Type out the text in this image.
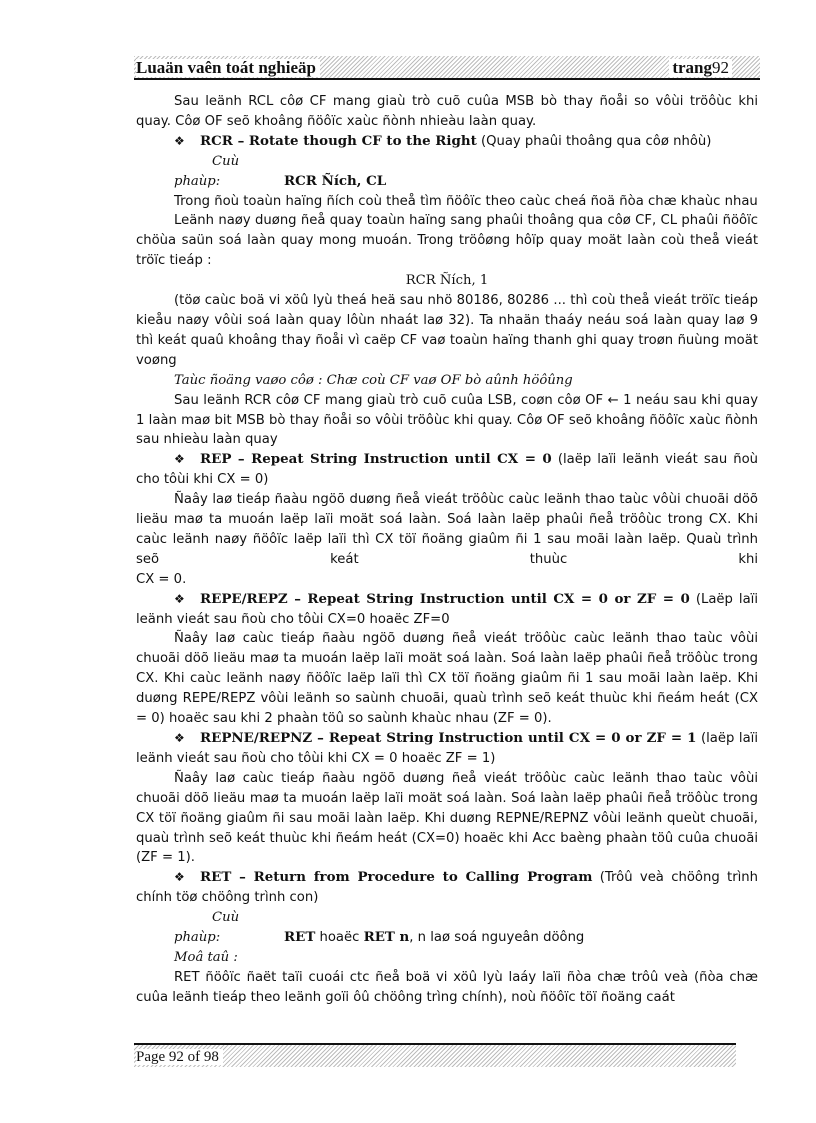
Luaän vaên toát nghieäp	trang92

Sau leänh RCL côø CF mang giaù trò cuõ cuûa MSB bò thay ñoåi so vôùi tröôùc khi quay. Côø OF seõ khoâng ñöôïc xaùc ñònh nhieàu laàn quay.

❖ RCR – Rotate though CF to the Right (Quay phaûi thoâng qua côø nhôù)

Cuù phaùp:	RCR Ñích, CL

Trong ñoù toaùn haïng ñích coù theå tìm ñöôïc theo caùc cheá ñoä ñòa chæ khaùc nhau

Leänh naøy duøng ñeå quay toaùn haïng sang phaûi thoâng qua côø CF, CL phaûi ñöôïc chöùa saün soá laàn quay mong muoán. Trong tröôøng hôïp quay moät laàn coù theå vieát tröïc tieáp :

RCR Ñích, 1

(töø caùc boä vi xöû lyù theá heä sau nhö 80186, 80286 ... thì coù theå vieát tröïc tieáp kieåu naøy vôùi soá laàn quay lôùn nhaát laø 32). Ta nhaän thaáy neáu soá laàn quay laø 9 thì keát quaû khoâng thay ñoåi vì caëp CF vaø toaùn haïng thanh ghi quay troøn ñuùng moät voøng

Taùc ñoäng vaøo côø : Chæ coù CF vaø OF bò aûnh höôûng

Sau leänh RCR côø CF mang giaù trò cuõ cuûa LSB, coøn côø OF ← 1 neáu sau khi quay 1 laàn maø bit MSB bò thay ñoåi so vôùi tröôùc khi quay. Côø OF seõ khoâng ñöôïc xaùc ñònh sau nhieàu laàn quay

❖ REP – Repeat String Instruction until CX = 0 (laëp laïi leänh vieát sau ñoù cho tôùi khi CX = 0)

Ñaây laø tieáp ñaàu ngöõ duøng ñeå vieát tröôùc caùc leänh thao taùc vôùi chuoãi döõ lieäu maø ta muoán laëp laïi moät soá laàn. Soá laàn laëp phaûi ñeå tröôùc trong CX. Khi caùc leänh naøy ñöôïc laëp laïi thì CX töï ñoäng giaûm ñi 1 sau moãi laàn laëp. Quaù trình seõ keát thuùc khi

CX = 0.

❖ REPE/REPZ – Repeat String Instruction until CX = 0 or ZF = 0 (Laëp laïi leänh vieát sau ñoù cho tôùi CX=0 hoaëc ZF=0

Ñaây laø caùc tieáp ñaàu ngöõ duøng ñeå vieát tröôùc caùc leänh thao taùc vôùi chuoãi döõ lieäu maø ta muoán laëp laïi moät soá laàn. Soá laàn laëp phaûi ñeå tröôùc trong CX. Khi caùc leänh naøy ñöôïc laëp laïi thì CX töï ñoäng giaûm ñi 1 sau moãi laàn laëp. Khi duøng REPE/REPZ vôùi leänh so saùnh chuoãi, quaù trình seõ keát thuùc khi ñeám heát (CX = 0) hoaëc sau khi 2 phaàn töû so saùnh khaùc nhau (ZF = 0).

❖ REPNE/REPNZ – Repeat String Instruction until CX = 0 or ZF = 1 (laëp laïi leänh vieát sau ñoù cho tôùi khi CX = 0 hoaëc ZF = 1)

Ñaây laø caùc tieáp ñaàu ngöõ duøng ñeå vieát tröôùc caùc leänh thao taùc vôùi chuoãi döõ lieäu maø ta muoán laëp laïi moät soá laàn. Soá laàn laëp phaûi ñeå tröôùc trong CX töï ñoäng giaûm ñi sau moãi laàn laëp. Khi duøng REPNE/REPNZ vôùi leänh queùt chuoãi, quaù trình seõ keát thuùc khi ñeám heát (CX=0) hoaëc khi Acc baèng phaàn töû cuûa chuoãi (ZF = 1).

❖ RET – Return from Procedure to Calling Program (Trôû veà chöông trình chính töø chöông trình con)

Cuù phaùp:	RET hoaëc RET n, n laø soá nguyeân döông

Moâ taû :

RET ñöôïc ñaët taïi cuoái ctc ñeå boä vi xöû lyù laáy laïi ñòa chæ trôû veà (ñòa chæ cuûa leänh tieáp theo leänh goïi ôû chöông trìng chính), noù ñöôïc töï ñoäng caát

Page 92 of 98
